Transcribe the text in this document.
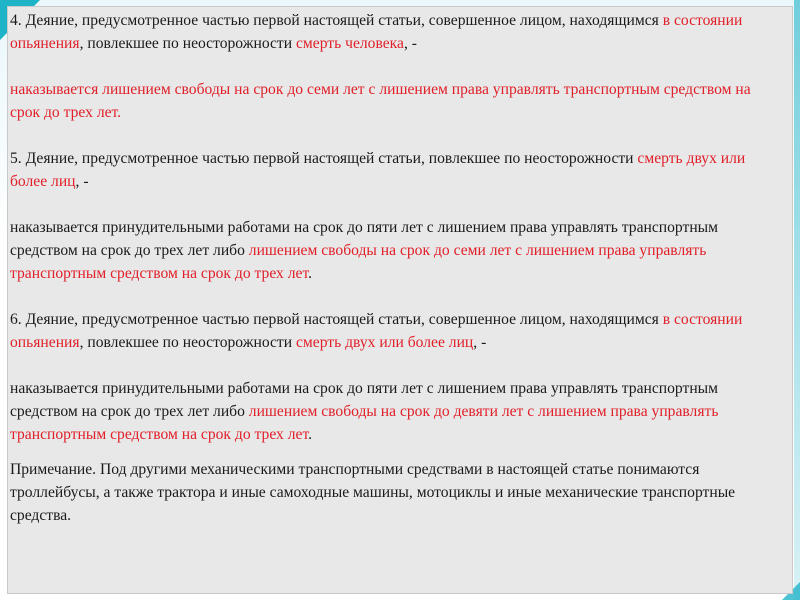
4. Деяние, предусмотренное частью первой настоящей статьи, совершенное лицом, находящимся в состоянии опьянения, повлекшее по неосторожности смерть человека, -

наказывается лишением свободы на срок до семи лет с лишением права управлять транспортным средством на срок до трех лет.

5. Деяние, предусмотренное частью первой настоящей статьи, повлекшее по неосторожности смерть двух или более лиц, -

наказывается принудительными работами на срок до пяти лет с лишением права управлять транспортным средством на срок до трех лет либо лишением свободы на срок до семи лет с лишением права управлять транспортным средством на срок до трех лет.

6. Деяние, предусмотренное частью первой настоящей статьи, совершенное лицом, находящимся в состоянии опьянения, повлекшее по неосторожности смерть двух или более лиц, -

наказывается принудительными работами на срок до пяти лет с лишением права управлять транспортным средством на срок до трех лет либо лишением свободы на срок до девяти лет с лишением права управлять транспортным средством на срок до трех лет.

Примечание. Под другими механическими транспортными средствами в настоящей статье понимаются троллейбусы, а также трактора и иные самоходные машины, мотоциклы и иные механические транспортные средства.
